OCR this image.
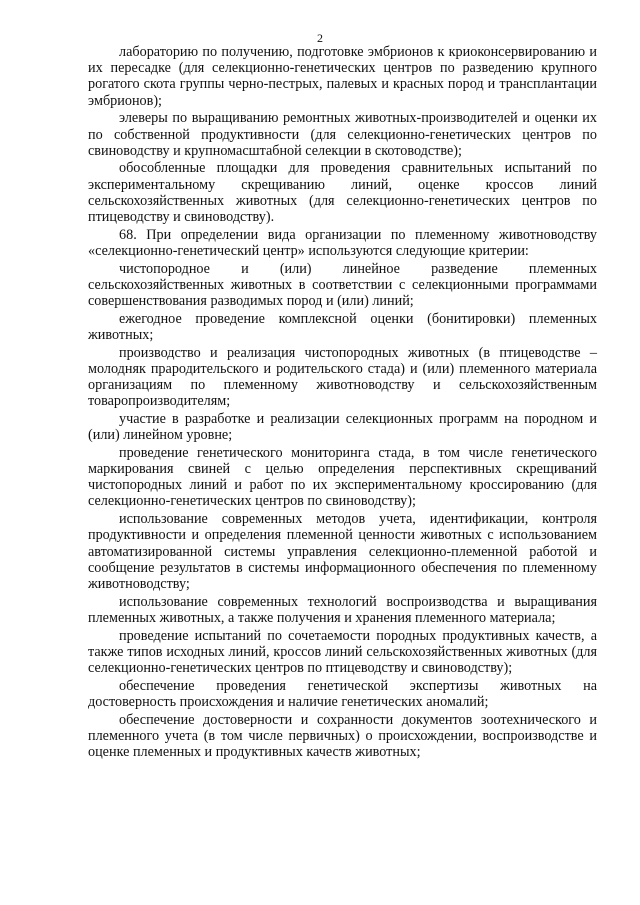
2

лабораторию по получению, подготовке эмбрионов к криоконсервированию и их пересадке (для селекционно-генетических центров по разведению крупного рогатого скота группы черно-пестрых, палевых и красных пород и трансплантации эмбрионов);

элеверы по выращиванию ремонтных животных-производителей и оценки их по собственной продуктивности (для селекционно-генетических центров по свиноводству и крупномасштабной селекции в скотоводстве);

обособленные площадки для проведения сравнительных испытаний по экспериментальному скрещиванию линий, оценке кроссов линий сельскохозяйственных животных (для селекционно-генетических центров по птицеводству и свиноводству).

68. При определении вида организации по племенному животноводству «селекционно-генетический центр» используются следующие критерии:

чистопородное и (или) линейное разведение племенных сельскохозяйственных животных в соответствии с селекционными программами совершенствования разводимых пород и (или) линий;

ежегодное проведение комплексной оценки (бонитировки) племенных животных;

производство и реализация чистопородных животных (в птицеводстве – молодняк прародительского и родительского стада) и (или) племенного материала организациям по племенному животноводству и сельскохозяйственным товаропроизводителям;

участие в разработке и реализации селекционных программ на породном и (или) линейном уровне;

проведение генетического мониторинга стада, в том числе генетического маркирования свиней с целью определения перспективных скрещиваний чистопородных линий и работ по их экспериментальному кроссированию (для селекционно-генетических центров по свиноводству);

использование современных методов учета, идентификации, контроля продуктивности и определения племенной ценности животных с использованием автоматизированной системы управления селекционно-племенной работой и сообщение результатов в системы информационного обеспечения по племенному животноводству;

использование современных технологий воспроизводства и выращивания племенных животных, а также получения и хранения племенного материала;

проведение испытаний по сочетаемости породных продуктивных качеств, а также типов исходных линий, кроссов линий сельскохозяйственных животных (для селекционно-генетических центров по птицеводству и свиноводству);

обеспечение проведения генетической экспертизы животных на достоверность происхождения и наличие генетических аномалий;

обеспечение достоверности и сохранности документов зоотехнического и племенного учета (в том числе первичных) о происхождении, воспроизводстве и оценке племенных и продуктивных качеств животных;
